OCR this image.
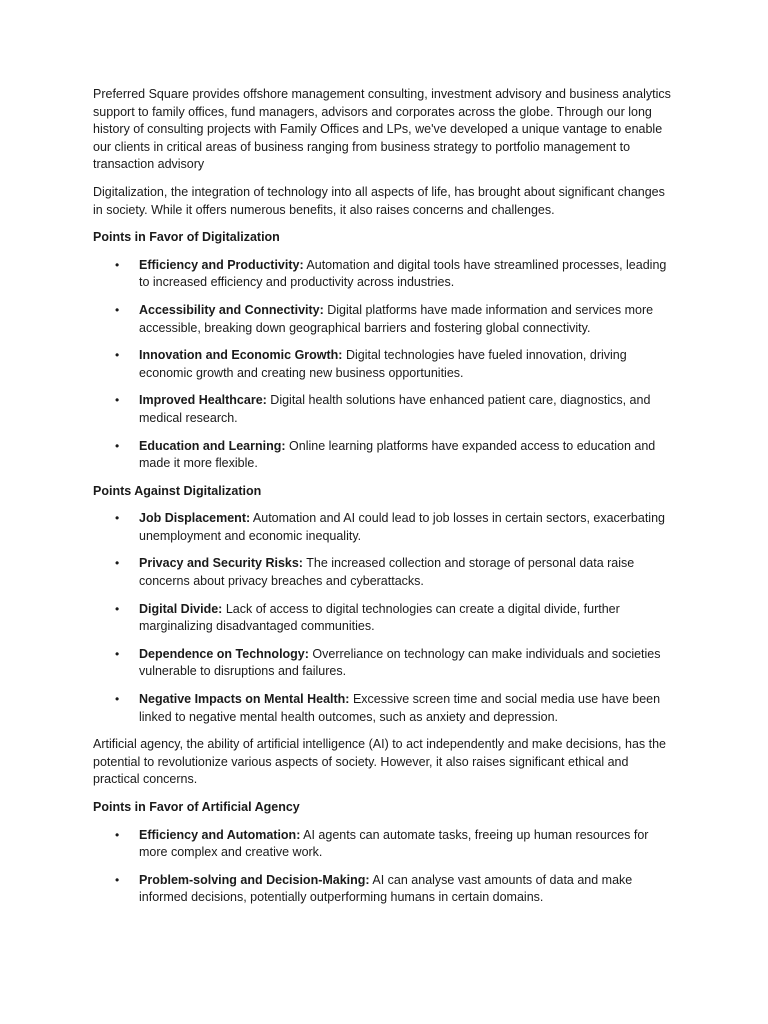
Preferred Square provides offshore management consulting, investment advisory and business analytics support to family offices, fund managers, advisors and corporates across the globe. Through our long history of consulting projects with Family Offices and LPs, we've developed a unique vantage to enable our clients in critical areas of business ranging from business strategy to portfolio management to transaction advisory

Digitalization, the integration of technology into all aspects of life, has brought about significant changes in society. While it offers numerous benefits, it also raises concerns and challenges.

Points in Favor of Digitalization
• Efficiency and Productivity: Automation and digital tools have streamlined processes, leading to increased efficiency and productivity across industries.
• Accessibility and Connectivity: Digital platforms have made information and services more accessible, breaking down geographical barriers and fostering global connectivity.
• Innovation and Economic Growth: Digital technologies have fueled innovation, driving economic growth and creating new business opportunities.
• Improved Healthcare: Digital health solutions have enhanced patient care, diagnostics, and medical research.
• Education and Learning: Online learning platforms have expanded access to education and made it more flexible.
Points Against Digitalization
• Job Displacement: Automation and AI could lead to job losses in certain sectors, exacerbating unemployment and economic inequality.
• Privacy and Security Risks: The increased collection and storage of personal data raise concerns about privacy breaches and cyberattacks.
• Digital Divide: Lack of access to digital technologies can create a digital divide, further marginalizing disadvantaged communities.
• Dependence on Technology: Overreliance on technology can make individuals and societies vulnerable to disruptions and failures.
• Negative Impacts on Mental Health: Excessive screen time and social media use have been linked to negative mental health outcomes, such as anxiety and depression.

Artificial agency, the ability of artificial intelligence (AI) to act independently and make decisions, has the potential to revolutionize various aspects of society. However, it also raises significant ethical and practical concerns.

Points in Favor of Artificial Agency
• Efficiency and Automation: AI agents can automate tasks, freeing up human resources for more complex and creative work.
• Problem-solving and Decision-Making: AI can analyse vast amounts of data and make informed decisions, potentially outperforming humans in certain domains.
